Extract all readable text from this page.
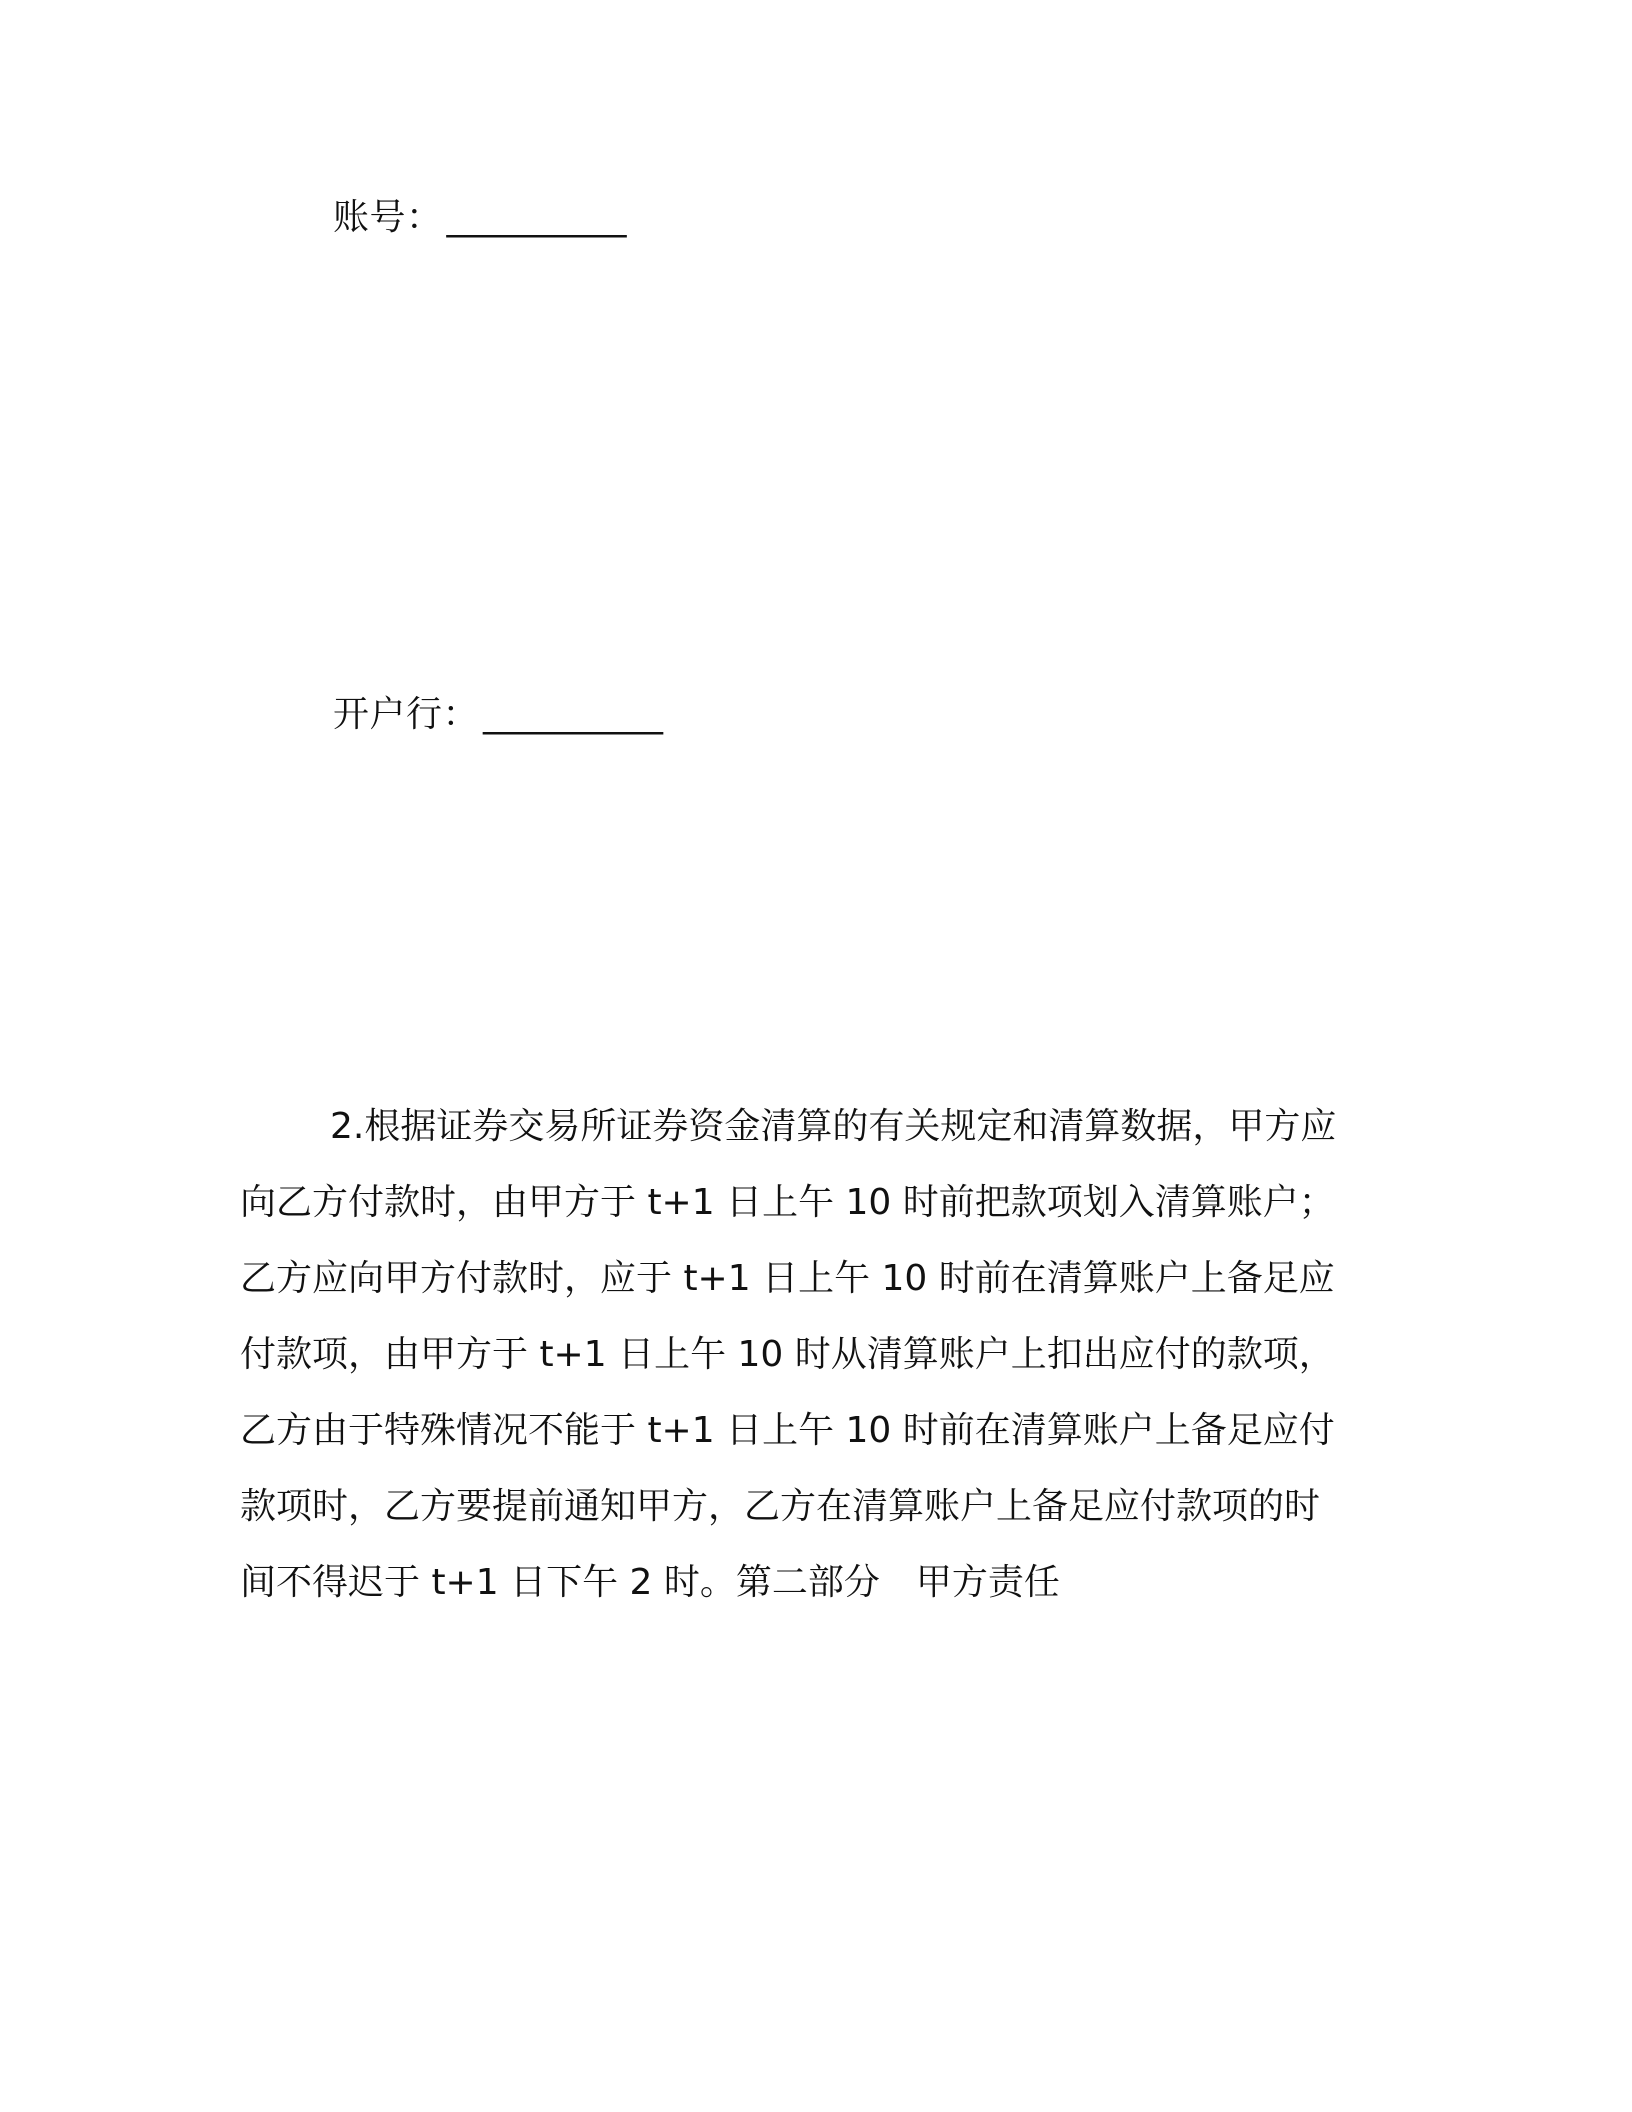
账号： __________
开户行： __________
2.根据证券交易所证券资金清算的有关规定和清算数据，甲方应
向乙方付款时，由甲方于 t+1 日上午 10 时前把款项划入清算账户；
乙方应向甲方付款时，应于 t+1 日上午 10 时前在清算账户上备足应
付款项，由甲方于 t+1 日上午 10 时从清算账户上扣出应付的款项，
乙方由于特殊情况不能于 t+1 日上午 10 时前在清算账户上备足应付
款项时，乙方要提前通知甲方，乙方在清算账户上备足应付款项的时
间不得迟于 t+1 日下午 2 时。第二部分　甲方责任
